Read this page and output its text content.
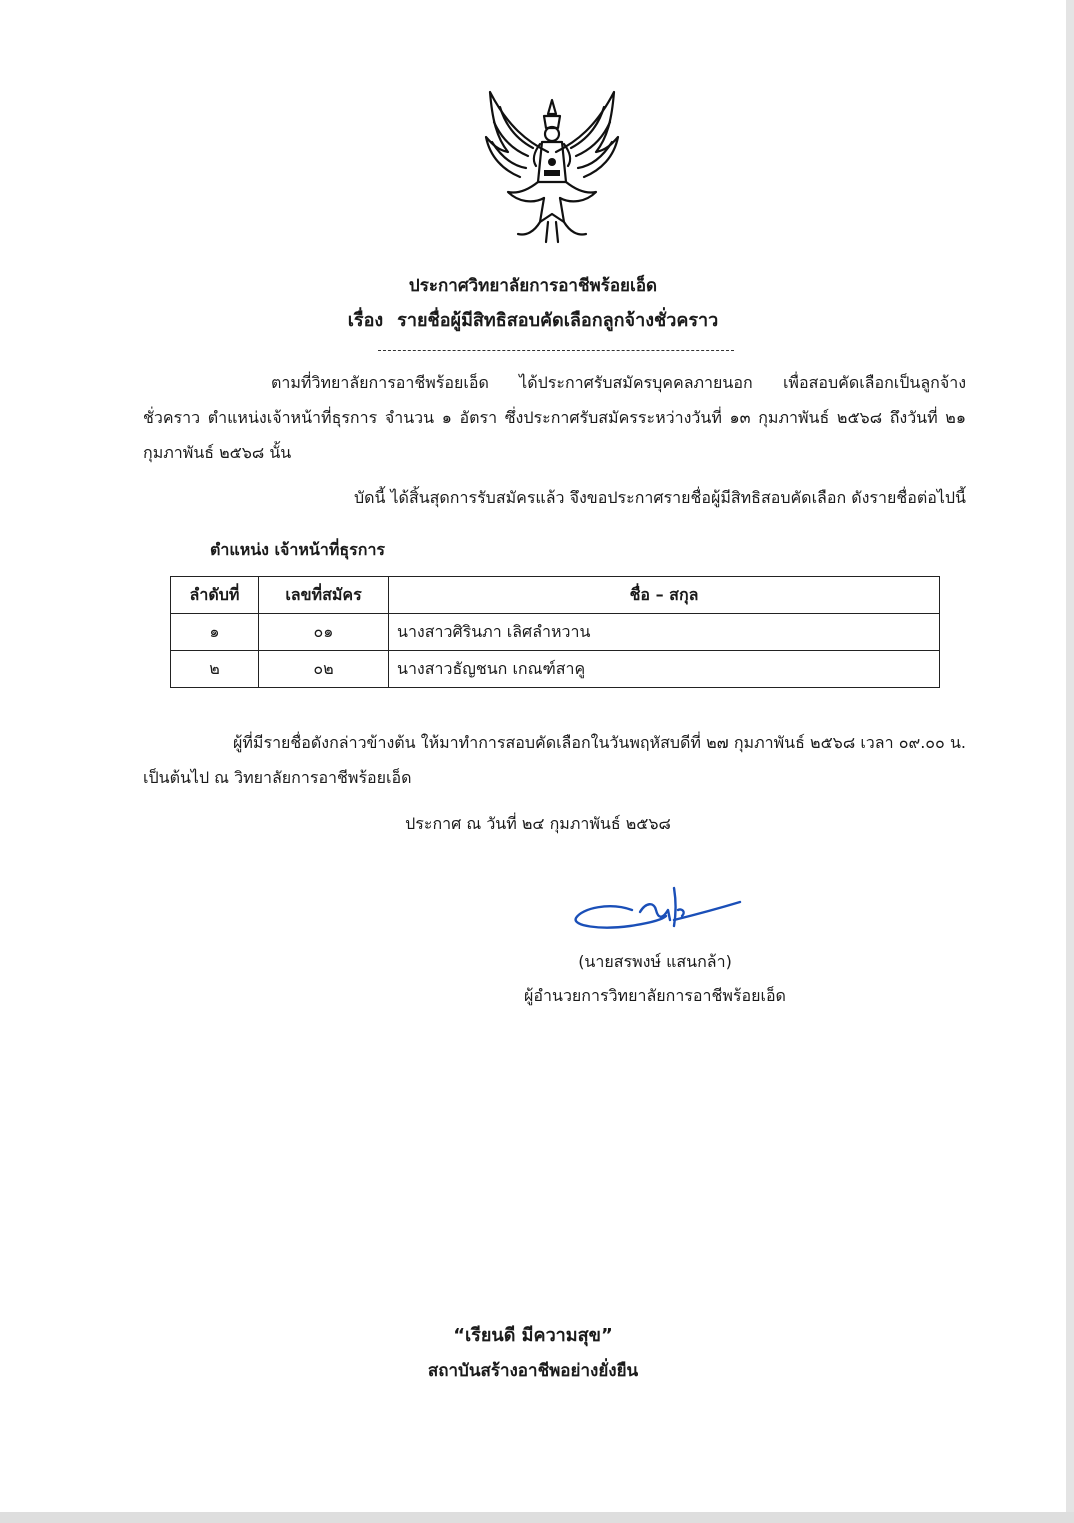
ประกาศวิทยาลัยการอาชีพร้อยเอ็ด
เรื่อง รายชื่อผู้มีสิทธิสอบคัดเลือกลูกจ้างชั่วคราว
ตามที่วิทยาลัยการอาชีพร้อยเอ็ด ได้ประกาศรับสมัครบุคคลภายนอก เพื่อสอบคัดเลือกเป็นลูกจ้างชั่วคราว ตำแหน่งเจ้าหน้าที่ธุรการ จำนวน ๑ อัตรา ซึ่งประกาศรับสมัครระหว่างวันที่ ๑๓ กุมภาพันธ์ ๒๕๖๘ ถึงวันที่ ๒๑ กุมภาพันธ์ ๒๕๖๘ นั้น
บัดนี้ ได้สิ้นสุดการรับสมัครแล้ว จึงขอประกาศรายชื่อผู้มีสิทธิสอบคัดเลือก ดังรายชื่อต่อไปนี้
ตำแหน่ง เจ้าหน้าที่ธุรการ
ลำดับที่	เลขที่สมัคร	ชื่อ – สกุล
๑	๐๑	นางสาวศิรินภา เลิศลำหวาน
๒	๐๒	นางสาวธัญชนก เกณฑ์สาคู
ผู้ที่มีรายชื่อดังกล่าวข้างต้น ให้มาทำการสอบคัดเลือกในวันพฤหัสบดีที่ ๒๗ กุมภาพันธ์ ๒๕๖๘ เวลา ๐๙.๐๐ น. เป็นต้นไป ณ วิทยาลัยการอาชีพร้อยเอ็ด
ประกาศ ณ วันที่ ๒๔ กุมภาพันธ์ ๒๕๖๘
(นายสรพงษ์ แสนกล้า)
ผู้อำนวยการวิทยาลัยการอาชีพร้อยเอ็ด
“เรียนดี มีความสุข”
สถาบันสร้างอาชีพอย่างยั่งยืน
